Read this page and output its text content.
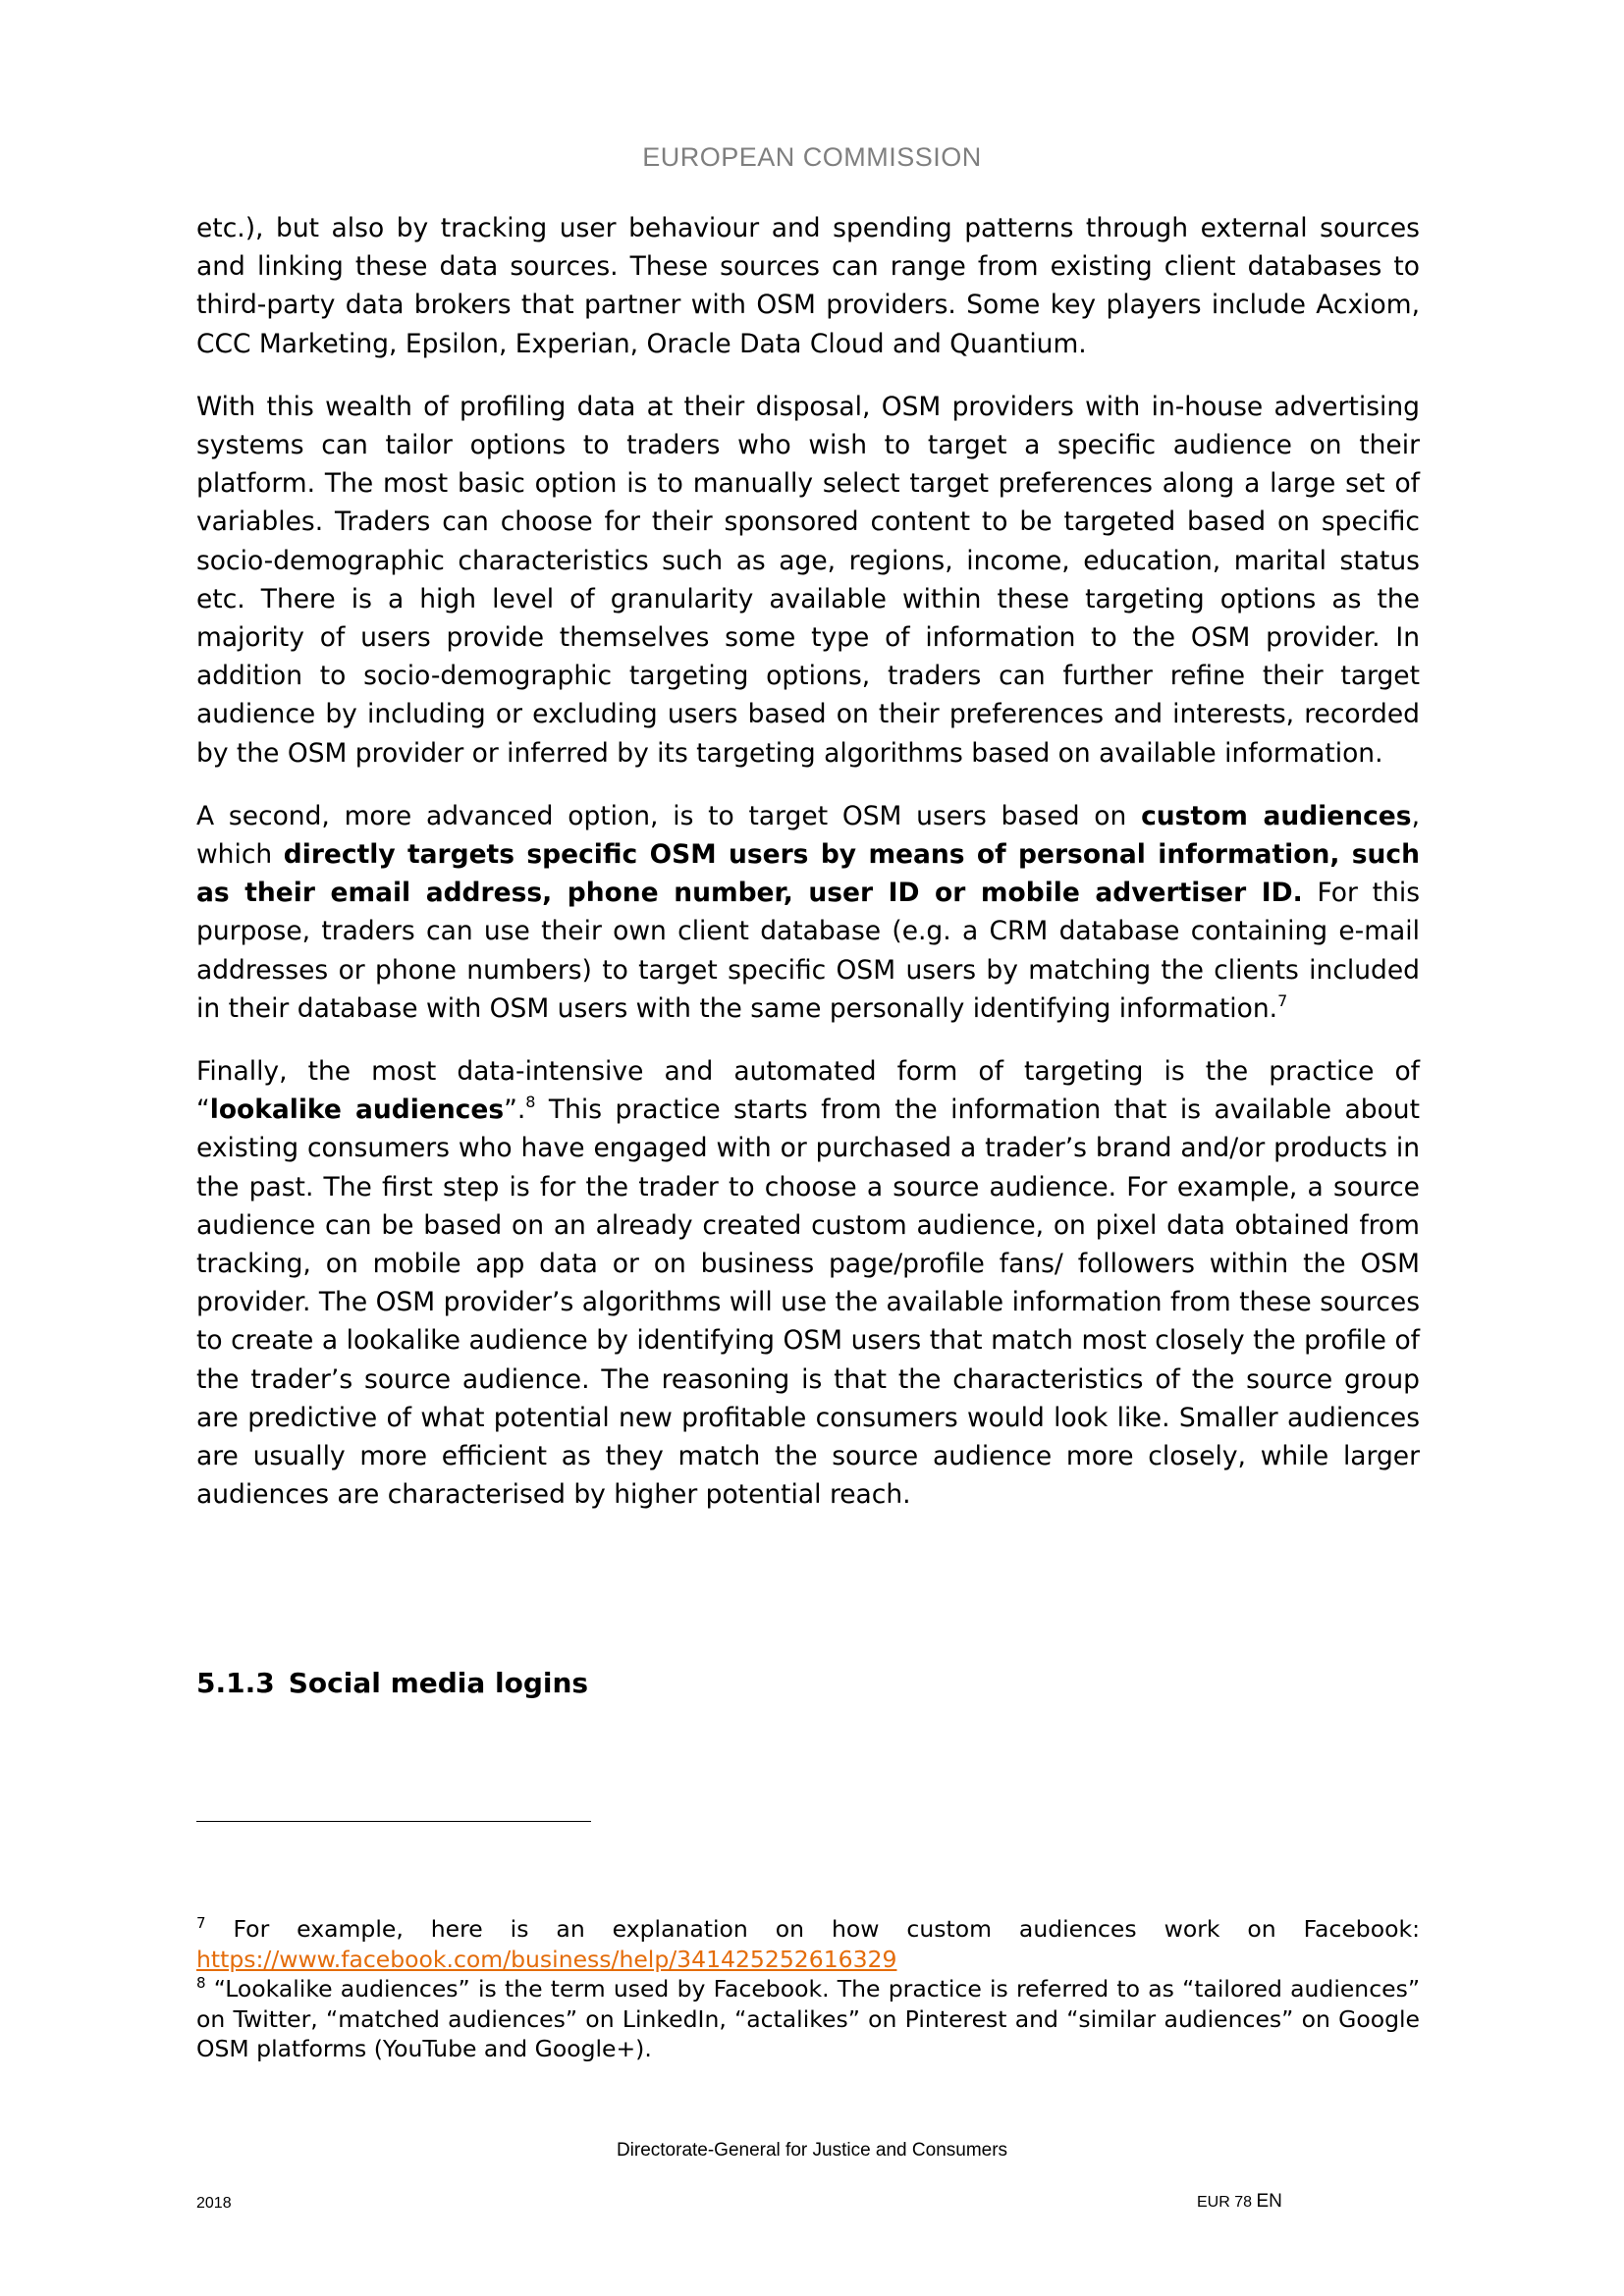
EUROPEAN COMMISSION

etc.), but also by tracking user behaviour and spending patterns through external sources and linking these data sources. These sources can range from existing client databases to third-party data brokers that partner with OSM providers. Some key players include Acxiom, CCC Marketing, Epsilon, Experian, Oracle Data Cloud and Quantium.

With this wealth of profiling data at their disposal, OSM providers with in-house advertising systems can tailor options to traders who wish to target a specific audience on their platform. The most basic option is to manually select target preferences along a large set of variables. Traders can choose for their sponsored content to be targeted based on specific socio-demographic characteristics such as age, regions, income, education, marital status etc. There is a high level of granularity available within these targeting options as the majority of users provide themselves some type of information to the OSM provider. In addition to socio-demographic targeting options, traders can further refine their target audience by including or excluding users based on their preferences and interests, recorded by the OSM provider or inferred by its targeting algorithms based on available information.

A second, more advanced option, is to target OSM users based on custom audiences, which directly targets specific OSM users by means of personal information, such as their email address, phone number, user ID or mobile advertiser ID. For this purpose, traders can use their own client database (e.g. a CRM database containing e-mail addresses or phone numbers) to target specific OSM users by matching the clients included in their database with OSM users with the same personally identifying information.$^7$

Finally, the most data-intensive and automated form of targeting is the practice of “lookalike audiences”.$^8$ This practice starts from the information that is available about existing consumers who have engaged with or purchased a trader’s brand and/or products in the past. The first step is for the trader to choose a source audience. For example, a source audience can be based on an already created custom audience, on pixel data obtained from tracking, on mobile app data or on business page/profile fans/ followers within the OSM provider. The OSM provider’s algorithms will use the available information from these sources to create a lookalike audience by identifying OSM users that match most closely the profile of the trader’s source audience. The reasoning is that the characteristics of the source group are predictive of what potential new profitable consumers would look like. Smaller audiences are usually more efficient as they match the source audience more closely, while larger audiences are characterised by higher potential reach.

5.1.3 Social media logins

$^7$ For example, here is an explanation on how custom audiences work on Facebook: https://www.facebook.com/business/help/341425252616329

$^8$ “Lookalike audiences” is the term used by Facebook. The practice is referred to as “tailored audiences” on Twitter, “matched audiences” on LinkedIn, “actalikes” on Pinterest and “similar audiences” on Google OSM platforms (YouTube and Google+).

Directorate-General for Justice and Consumers
2018	EUR 78 EN
